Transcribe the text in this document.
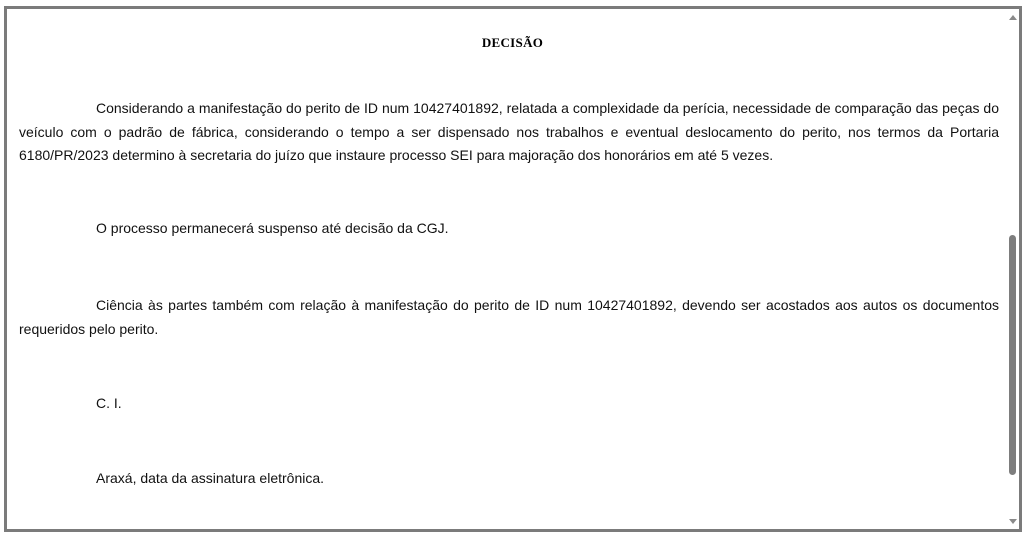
DECISÃO

Considerando a manifestação do perito de ID num 10427401892, relatada a complexidade da perícia, necessidade de comparação das peças do veículo com o padrão de fábrica, considerando o tempo a ser dispensado nos trabalhos e eventual deslocamento do perito, nos termos da Portaria 6180/PR/2023 determino à secretaria do juízo que instaure processo SEI para majoração dos honorários em até 5 vezes.

O processo permanecerá suspenso até decisão da CGJ.

Ciência às partes também com relação à manifestação do perito de ID num 10427401892, devendo ser acostados aos autos os documentos requeridos pelo perito.

C. I.

Araxá, data da assinatura eletrônica.
